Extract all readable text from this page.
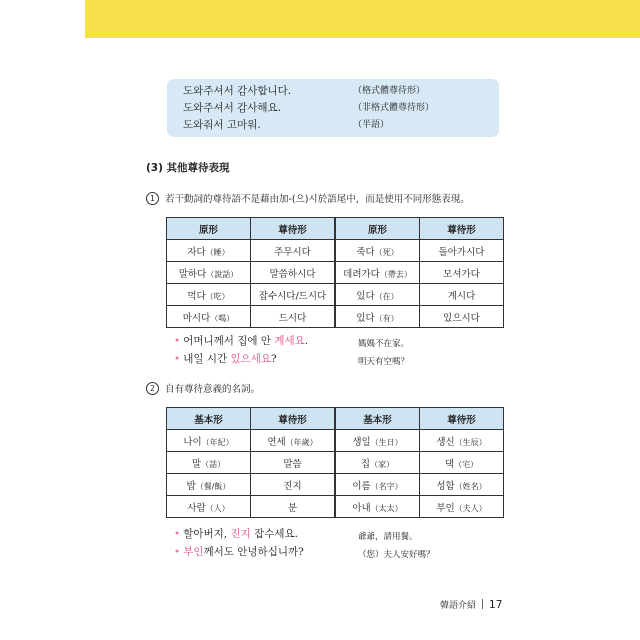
도와주셔서 감사합니다.	（格式體尊待形）
도와주셔서 감사해요.	（非格式體尊待形）
도와줘서 고마워.	（半語）
(3) 其他尊待表現
1 若干動詞的尊待語不是藉由加-(으)시於語尾中，而是使用不同形態表現。
原形	尊待形	原形	尊待形
자다（睡）	주무시다	죽다（死）	돌아가시다
말하다（說話）	말씀하시다	데려가다（帶去）	모셔가다
먹다（吃）	잡수시다/드시다	있다（在）	계시다
마시다（喝）	드시다	있다（有）	있으시다
• 어머니께서 집에 안 계세요.	媽媽不在家。
• 내일 시간 있으세요?	明天有空嗎？
2 自有尊待意義的名詞。
基本形	尊待形	基本形	尊待形
나이（年紀）	연세（年歲）	생일（生日）	생신（生辰）
말（話）	말씀	집（家）	댁（宅）
밥（餐/飯）	진지	이름（名字）	성함（姓名）
사람（人）	분	아내（太太）	부인（夫人）
• 할아버지, 진지 잡수세요.	爺爺，請用餐。
• 부인께서도 안녕하십니까?	（您）夫人安好嗎？
韓語介紹 17
